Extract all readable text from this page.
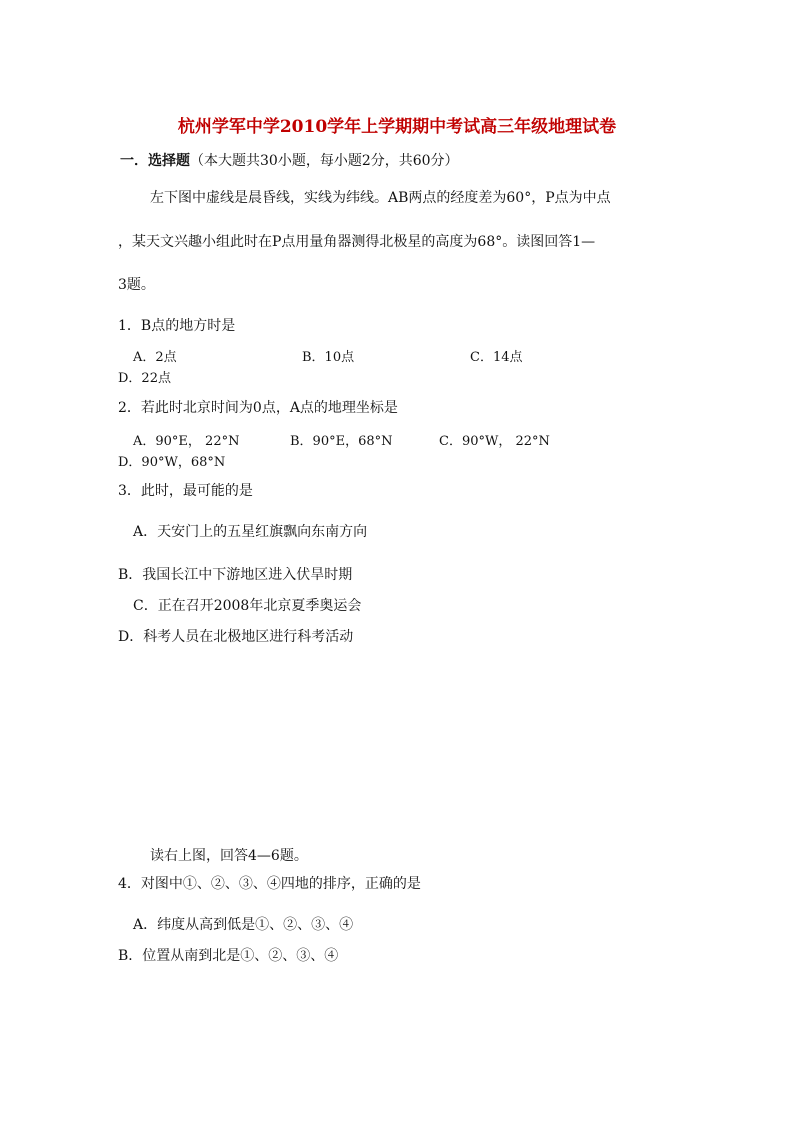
杭州学军中学2010学年上学期期中考试高三年级地理试卷
一．选择题（本大题共30小题，每小题2分，共60分）
左下图中虚线是晨昏线，实线为纬线。AB两点的经度差为60°，P点为中点
，某天文兴趣小组此时在P点用量角器测得北极星的高度为68°。读图回答1—
3题。
1．B点的地方时是
A．2点	B．10点	C．14点
D．22点
2．若此时北京时间为0点，A点的地理坐标是
A．90°E， 22°N	B．90°E，68°N	C．90°W， 22°N
D．90°W，68°N
3．此时，最可能的是
A．天安门上的五星红旗飘向东南方向
B．我国长江中下游地区进入伏旱时期
C．正在召开2008年北京夏季奥运会
D．科考人员在北极地区进行科考活动
读右上图，回答4—6题。
4．对图中①、②、③、④四地的排序，正确的是
A．纬度从高到低是①、②、③、④
B．位置从南到北是①、②、③、④
